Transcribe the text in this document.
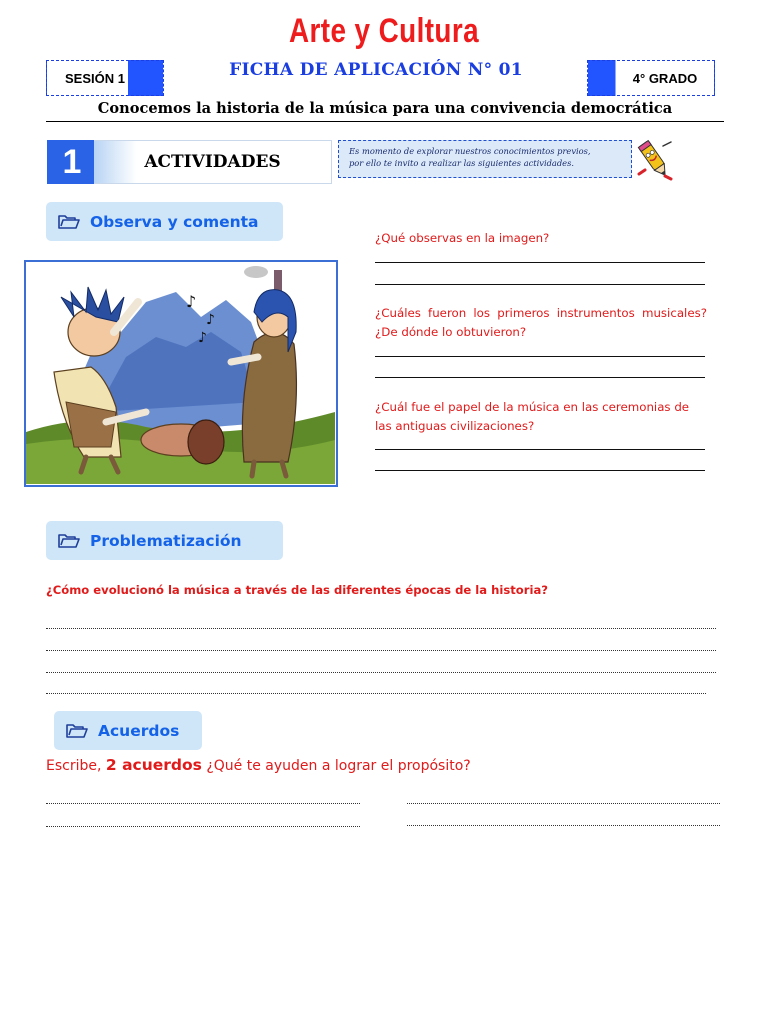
Arte y Cultura
SESIÓN 1	FICHA DE APLICACIÓN N° 01	4° GRADO
Conocemos la historia de la música para una convivencia democrática
1	ACTIVIDADES
Es momento de explorar nuestros conocimientos previos,
por ello te invito a realizar las siguientes actividades.
Observa y comenta
♪
♪
♪
¿Qué observas en la imagen?
¿Cuáles fueron los primeros instrumentos musicales? ¿De dónde lo obtuvieron?
¿Cuál fue el papel de la música en las ceremonias de las antiguas civilizaciones?
Problematización
¿Cómo evolucionó la música a través de las diferentes épocas de la historia?
Acuerdos
Escribe, 2 acuerdos ¿Qué te ayuden a lograr el propósito?
